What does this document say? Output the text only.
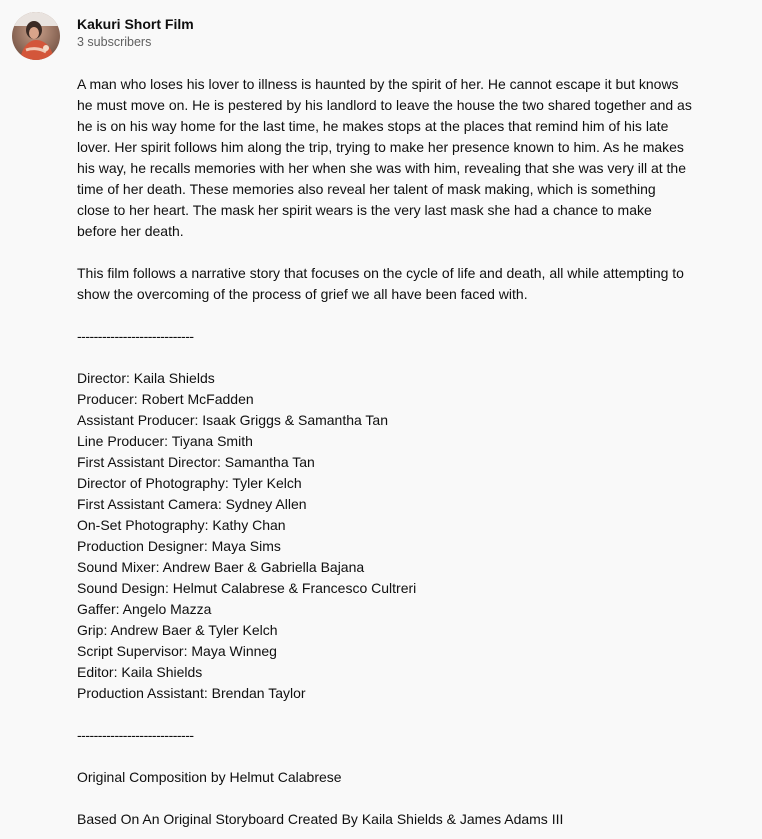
Kakuri Short Film
3 subscribers

A man who loses his lover to illness is haunted by the spirit of her. He cannot escape it but knows

he must move on. He is pestered by his landlord to leave the house the two shared together and as

he is on his way home for the last time, he makes stops at the places that remind him of his late

lover. Her spirit follows him along the trip, trying to make her presence known to him. As he makes

his way, he recalls memories with her when she was with him, revealing that she was very ill at the

time of her death. These memories also reveal her talent of mask making, which is something

close to her heart. The mask her spirit wears is the very last mask she had a chance to make

before her death.

This film follows a narrative story that focuses on the cycle of life and death, all while attempting to

show the overcoming of the process of grief we all have been faced with.

----------------------------

Director: Kaila Shields

Producer: Robert McFadden

Assistant Producer: Isaak Griggs & Samantha Tan

Line Producer: Tiyana Smith

First Assistant Director: Samantha Tan

Director of Photography: Tyler Kelch

First Assistant Camera: Sydney Allen

On-Set Photography: Kathy Chan

Production Designer: Maya Sims

Sound Mixer: Andrew Baer & Gabriella Bajana

Sound Design: Helmut Calabrese & Francesco Cultreri

Gaffer: Angelo Mazza

Grip: Andrew Baer & Tyler Kelch

Script Supervisor: Maya Winneg

Editor: Kaila Shields

Production Assistant: Brendan Taylor

----------------------------

Original Composition by Helmut Calabrese

Based On An Original Storyboard Created By Kaila Shields & James Adams III
